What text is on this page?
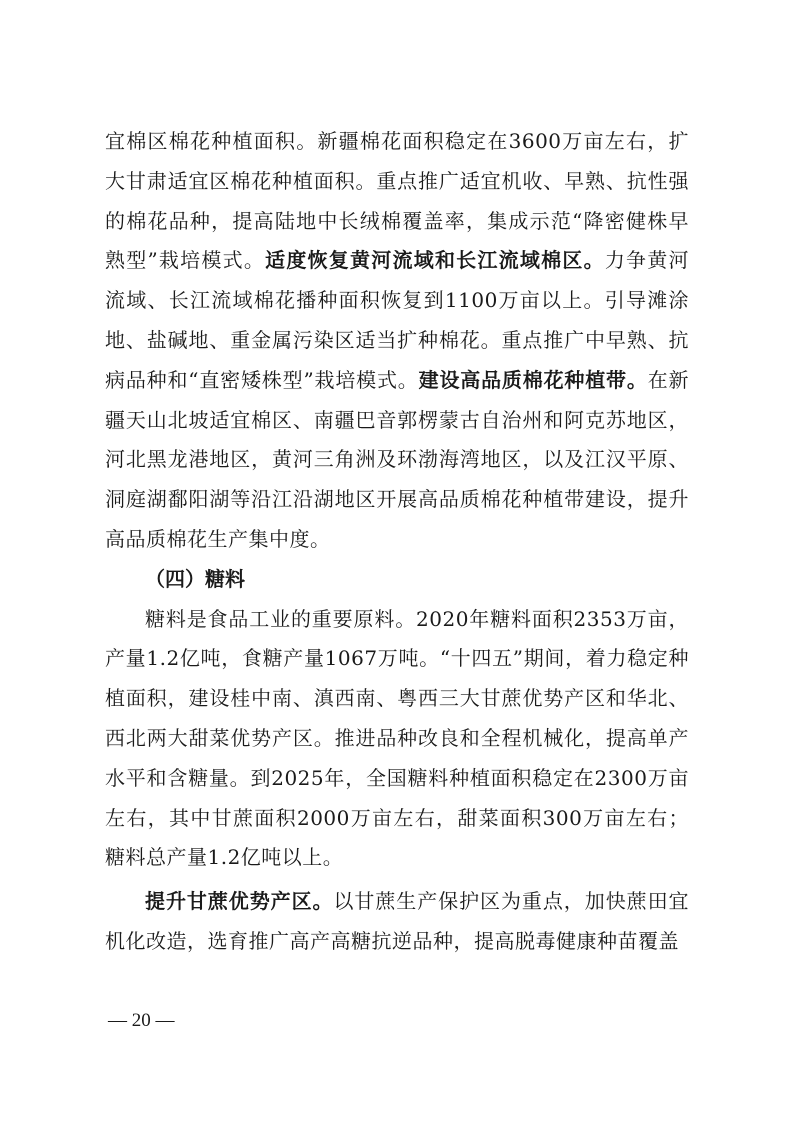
宜棉区棉花种植面积。新疆棉花面积稳定在3600万亩左右，扩大甘肃适宜区棉花种植面积。重点推广适宜机收、早熟、抗性强的棉花品种，提高陆地中长绒棉覆盖率，集成示范“降密健株早熟型”栽培模式。适度恢复黄河流域和长江流域棉区。力争黄河流域、长江流域棉花播种面积恢复到1100万亩以上。引导滩涂地、盐碱地、重金属污染区适当扩种棉花。重点推广中早熟、抗病品种和“直密矮株型”栽培模式。建设高品质棉花种植带。在新疆天山北坡适宜棉区、南疆巴音郭楞蒙古自治州和阿克苏地区，河北黑龙港地区，黄河三角洲及环渤海湾地区，以及江汉平原、洞庭湖鄱阳湖等沿江沿湖地区开展高品质棉花种植带建设，提升高品质棉花生产集中度。

（四）糖料

糖料是食品工业的重要原料。2020年糖料面积2353万亩，产量1.2亿吨，食糖产量1067万吨。“十四五”期间，着力稳定种植面积，建设桂中南、滇西南、粤西三大甘蔗优势产区和华北、西北两大甜菜优势产区。推进品种改良和全程机械化，提高单产水平和含糖量。到2025年，全国糖料种植面积稳定在2300万亩左右，其中甘蔗面积2000万亩左右，甜菜面积300万亩左右；糖料总产量1.2亿吨以上。

提升甘蔗优势产区。以甘蔗生产保护区为重点，加快蔗田宜机化改造，选育推广高产高糖抗逆品种，提高脱毒健康种苗覆盖

— 20 —
